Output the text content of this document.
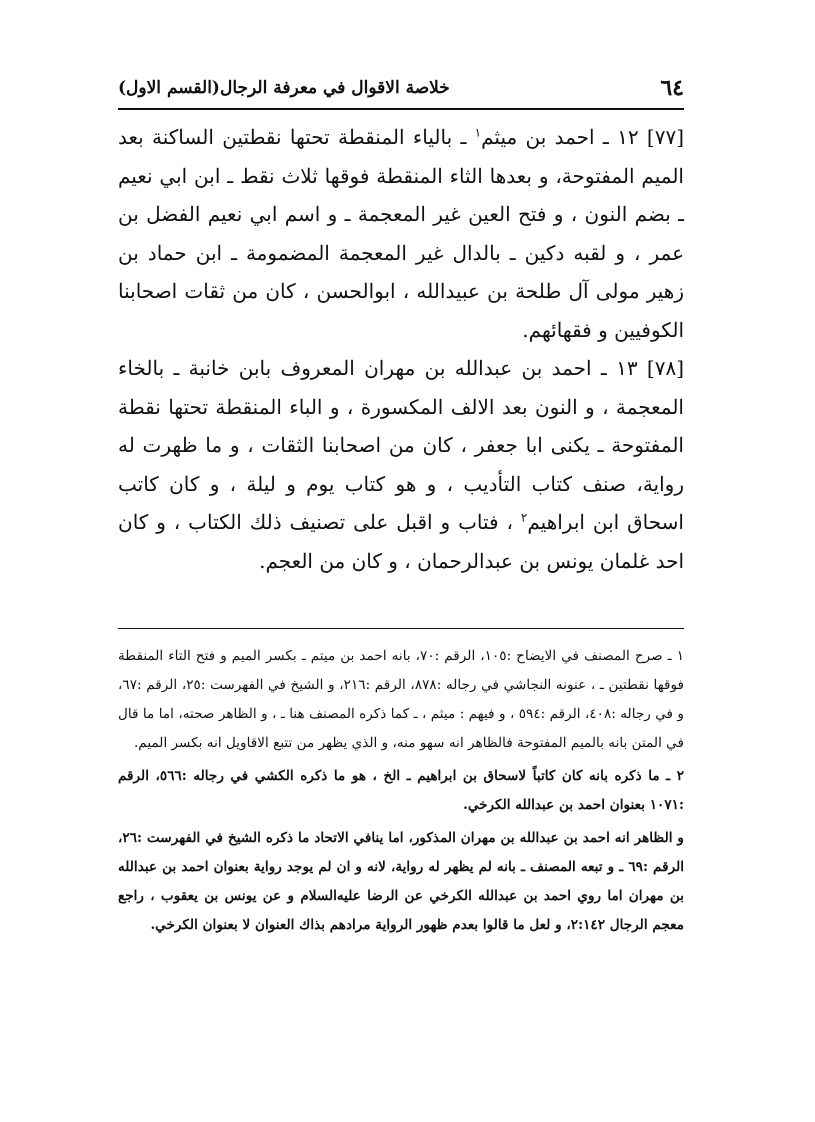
٦٤
خلاصة الاقوال في معرفة الرجال(القسم الاول)

[٧٧] ١٢ ـ احمد بن ميثم$^١$ ـ بالياء المنقطة تحتها نقطتين الساكنة بعد الميم المفتوحة، و بعدها الثاء المنقطة فوقها ثلاث نقط ـ ابن ابي نعيم ـ بضم النون ، و فتح العين غير المعجمة ـ و اسم ابي نعيم الفضل بن عمر ، و لقبه دكين ـ بالدال غير المعجمة المضمومة ـ ابن حماد بن زهير مولى آل طلحة بن عبيدالله ، ابوالحسن ، كان من ثقات اصحابنا الكوفيين و فقهائهم.

[٧٨] ١٣ ـ احمد بن عبدالله بن مهران المعروف بابن خانبة ـ بالخاء المعجمة ، و النون بعد الالف المكسورة ، و الباء المنقطة تحتها نقطة المفتوحة ـ يكنى ابا جعفر ، كان من اصحابنا الثقات ، و ما ظهرت له رواية، صنف كتاب التأديب ، و هو كتاب يوم و ليلة ، و كان كاتب اسحاق ابن ابراهيم$^٢$ ، فتاب و اقبل على تصنيف ذلك الكتاب ، و كان احد غلمان يونس بن عبدالرحمان ، و كان من العجم.

١ ـ صرح المصنف في الايضاح :١٠٥، الرقم :٧٠، بانه احمد بن ميتم ـ بكسر الميم و فتح التاء المنقطة فوقها نقطتين ـ ، عنونه النجاشي في رجاله :٨٧٨، الرقم :٢١٦، و الشيخ في الفهرست :٢٥، الرقم :٦٧، و في رجاله :٤٠٨، الرقم :٥٩٤ ، و فيهم : ميثم ، ـ كما ذكره المصنف هنا ـ ، و الظاهر صحته، اما ما قال في المتن بانه بالميم المفتوحة فالظاهر انه سهو منه، و الذي يظهر من تتبع الاقاويل انه بكسر الميم.

٢ ـ ما ذكره بانه كان كاتباً لاسحاق بن ابراهيم ـ الخ ، هو ما ذكره الكشي في رجاله :٥٦٦، الرقم :١٠٧١ بعنوان احمد بن عبدالله الكرخي.

و الظاهر انه احمد بن عبدالله بن مهران المذكور، اما ينافي الاتحاد ما ذكره الشيخ في الفهرست :٢٦، الرقم :٦٩ ـ و تبعه المصنف ـ بانه لم يظهر له رواية، لانه و ان لم يوجد رواية بعنوان احمد بن عبدالله بن مهران اما روي احمد بن عبدالله الكرخي عن الرضا عليه‌السلام و عن يونس بن يعقوب ، راجع معجم الرجال ٢:١٤٢، و لعل ما قالوا بعدم ظهور الرواية مرادهم بذاك العنوان لا بعنوان الكرخي.
